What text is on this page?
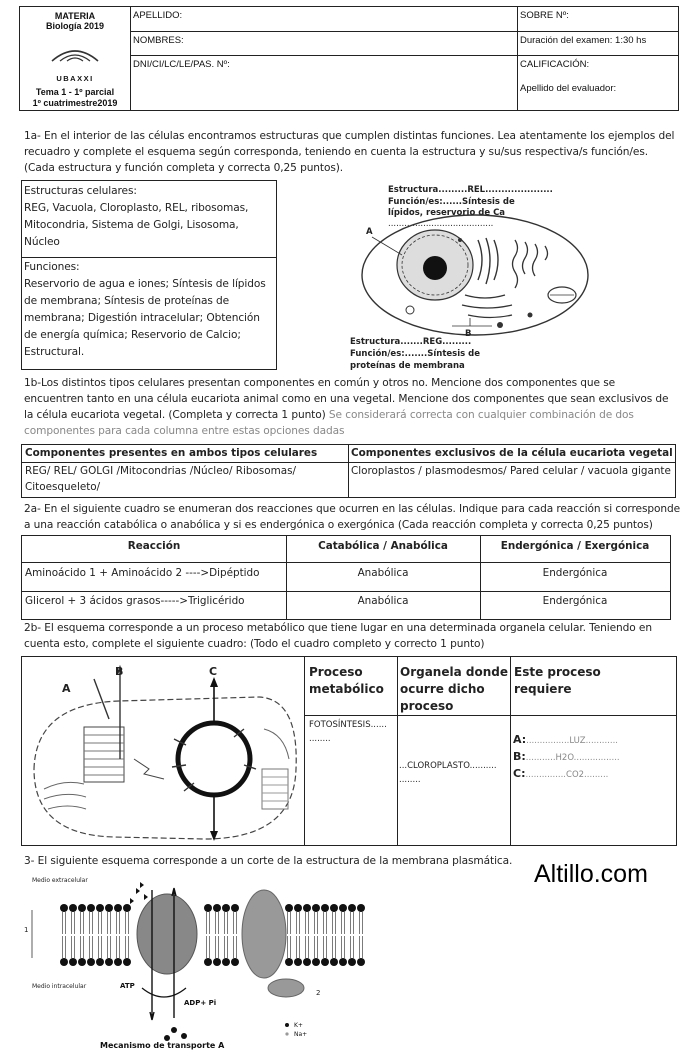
MATERIA
Biología 2019
UBAXXI
Tema 1 - 1º parcial
1º cuatrimestre2019
APELLIDO:
NOMBRES:
DNI/CI/LC/LE/PAS. Nº:
SOBRE Nº:
Duración del examen: 1:30 hs
CALIFICACIÓN:
Apellido del evaluador:
1a- En el interior de las células encontramos estructuras que cumplen distintas funciones. Lea atentamente los ejemplos del
recuadro y complete el esquema según corresponda, teniendo en cuenta la estructura y su/sus respectiva/s función/es.
(Cada estructura y función completa y correcta 0,25 puntos).
Estructuras celulares:
REG, Vacuola, Cloroplasto, REL, ribosomas,
Mitocondria, Sistema de Golgi, Lisosoma,
Núcleo
Funciones:
Reservorio de agua e iones; Síntesis de lípidos
de membrana; Síntesis de proteínas de
membrana; Digestión intracelular; Obtención
de energía química; Reservorio de Calcio;
Estructural.
Estructura.........REL.....................
Función/es:......Síntesis de
lípidos, reservorio de Ca
.......................................
A
B
Estructura.......REG.........
Función/es:.......Síntesis de
proteínas de membrana
1b-Los distintos tipos celulares presentan componentes en común y otros no. Mencione dos componentes que se
encuentren tanto en una célula eucariota animal como en una vegetal. Mencione dos componentes que sean exclusivos de
la célula eucariota vegetal. (Completa y correcta 1 punto) Se considerará correcta con cualquier combinación de dos
componentes para cada columna entre estas opciones dadas
Componentes presentes en ambos tipos celulares	Componentes exclusivos de la célula eucariota vegetal
REG/ REL/ GOLGI /Mitocondrias /Núcleo/ Ribosomas/
Citoesqueleto/
Cloroplastos / plasmodesmos/ Pared celular / vacuola gigante
2a- En el siguiente cuadro se enumeran dos reacciones que ocurren en las células. Indique para cada reacción si corresponde
a una reacción catabólica o anabólica y si es endergónica o exergónica (Cada reacción completa y correcta 0,25 puntos)
Reacción	Catabólica / Anabólica	Endergónica / Exergónica
Aminoácido 1 + Aminoácido 2 ---->Dipéptido	Anabólica	Endergónica
Glicerol + 3 ácidos grasos----->Triglicérido	Anabólica	Endergónica
2b- El esquema corresponde a un proceso metabólico que tiene lugar en una determinada organela celular. Teniendo en
cuenta esto, complete el siguiente cuadro: (Todo el cuadro completo y correcto 1 punto)
A
B	C	Proceso
metabólico
Organela donde
ocurre dicho
proceso
Este proceso
requiere
FOTOSÍNTESIS......
........
...CLOROPLASTO..........
........
A:................LUZ............
B:...........H2O.................
C:...............CO2.........
3- El siguiente esquema corresponde a un corte de la estructura de la membrana plasmática. Altillo.com
Medio extracelular
Medio intracelular
1
2
ATP
ADP+ Pi
K+
Na+
Mecanismo de transporte A
